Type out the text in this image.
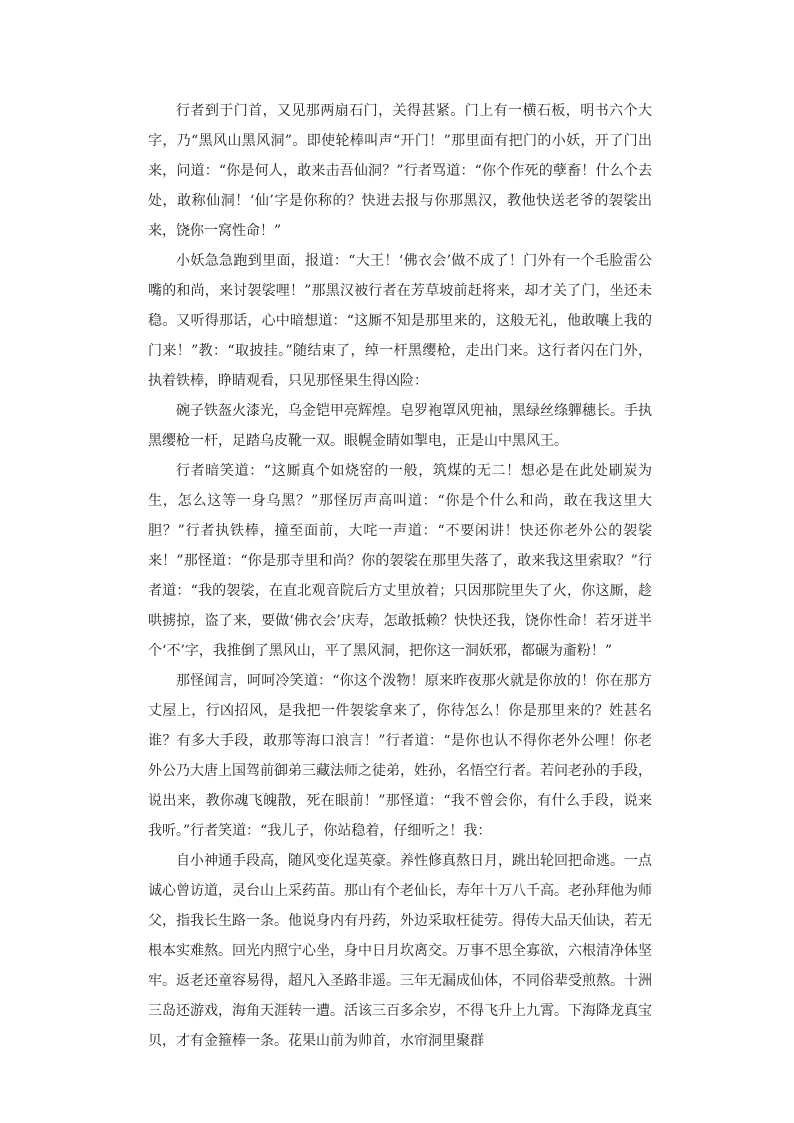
行者到于门首，又见那两扇石门，关得甚紧。门上有一横石板，明书六个大字，乃“黑风山黑风洞”。即使轮棒叫声“开门！”那里面有把门的小妖，开了门出来，问道：“你是何人，敢来击吾仙洞？”行者骂道：“你个作死的孽畜！什么个去处，敢称仙洞！‘仙’字是你称的？快进去报与你那黑汉，教他快送老爷的袈裟出来，饶你一窝性命！”

小妖急急跑到里面，报道：“大王！‘佛衣会’做不成了！门外有一个毛脸雷公嘴的和尚，来讨袈裟哩！”那黑汉被行者在芳草坡前赶将来，却才关了门，坐还未稳。又听得那话，心中暗想道：“这厮不知是那里来的，这般无礼，他敢嚷上我的门来！”教：“取披挂。”随结束了，绰一杆黑缨枪，走出门来。这行者闪在门外，执着铁棒，睁睛观看，只见那怪果生得凶险：

碗子铁盔火漆光，乌金铠甲亮辉煌。皂罗袍罩风兜袖，黑绿丝绦軃穗长。手执黑缨枪一杆，足踏乌皮靴一双。眼幌金睛如掣电，正是山中黑风王。

行者暗笑道：“这厮真个如烧窑的一般，筑煤的无二！想必是在此处刷炭为生，怎么这等一身乌黑？”那怪厉声高叫道：“你是个什么和尚，敢在我这里大胆？”行者执铁棒，撞至面前，大咤一声道：“不要闲讲！快还你老外公的袈裟来！”那怪道：“你是那寺里和尚？你的袈裟在那里失落了，敢来我这里索取？”行者道：“我的袈裟，在直北观音院后方丈里放着；只因那院里失了火，你这厮，趁哄掳掠，盗了来，要做‘佛衣会’庆寿，怎敢抵赖？快快还我，饶你性命！若牙迸半个‘不’字，我推倒了黑风山，平了黑风洞，把你这一洞妖邪，都碾为齑粉！”

那怪闻言，呵呵冷笑道：“你这个泼物！原来昨夜那火就是你放的！你在那方丈屋上，行凶招风，是我把一件袈裟拿来了，你待怎么！你是那里来的？姓甚名谁？有多大手段，敢那等海口浪言！”行者道：“是你也认不得你老外公哩！你老外公乃大唐上国驾前御弟三藏法师之徒弟，姓孙，名悟空行者。若问老孙的手段，说出来，教你魂飞魄散，死在眼前！”那怪道：“我不曾会你，有什么手段，说来我听。”行者笑道：“我儿子，你站稳着，仔细听之！我：

自小神通手段高，随风变化逞英豪。养性修真熬日月，跳出轮回把命逃。一点诚心曾访道，灵台山上采药苗。那山有个老仙长，寿年十万八千高。老孙拜他为师父，指我长生路一条。他说身内有丹药，外边采取枉徒劳。得传大品天仙诀，若无根本实难熬。回光内照宁心坐，身中日月坎离交。万事不思全寡欲，六根清净体坚牢。返老还童容易得，超凡入圣路非遥。三年无漏成仙体，不同俗辈受煎熬。十洲三岛还游戏，海角天涯转一遭。活该三百多余岁，不得飞升上九霄。下海降龙真宝贝，才有金箍棒一条。花果山前为帅首，水帘洞里聚群
